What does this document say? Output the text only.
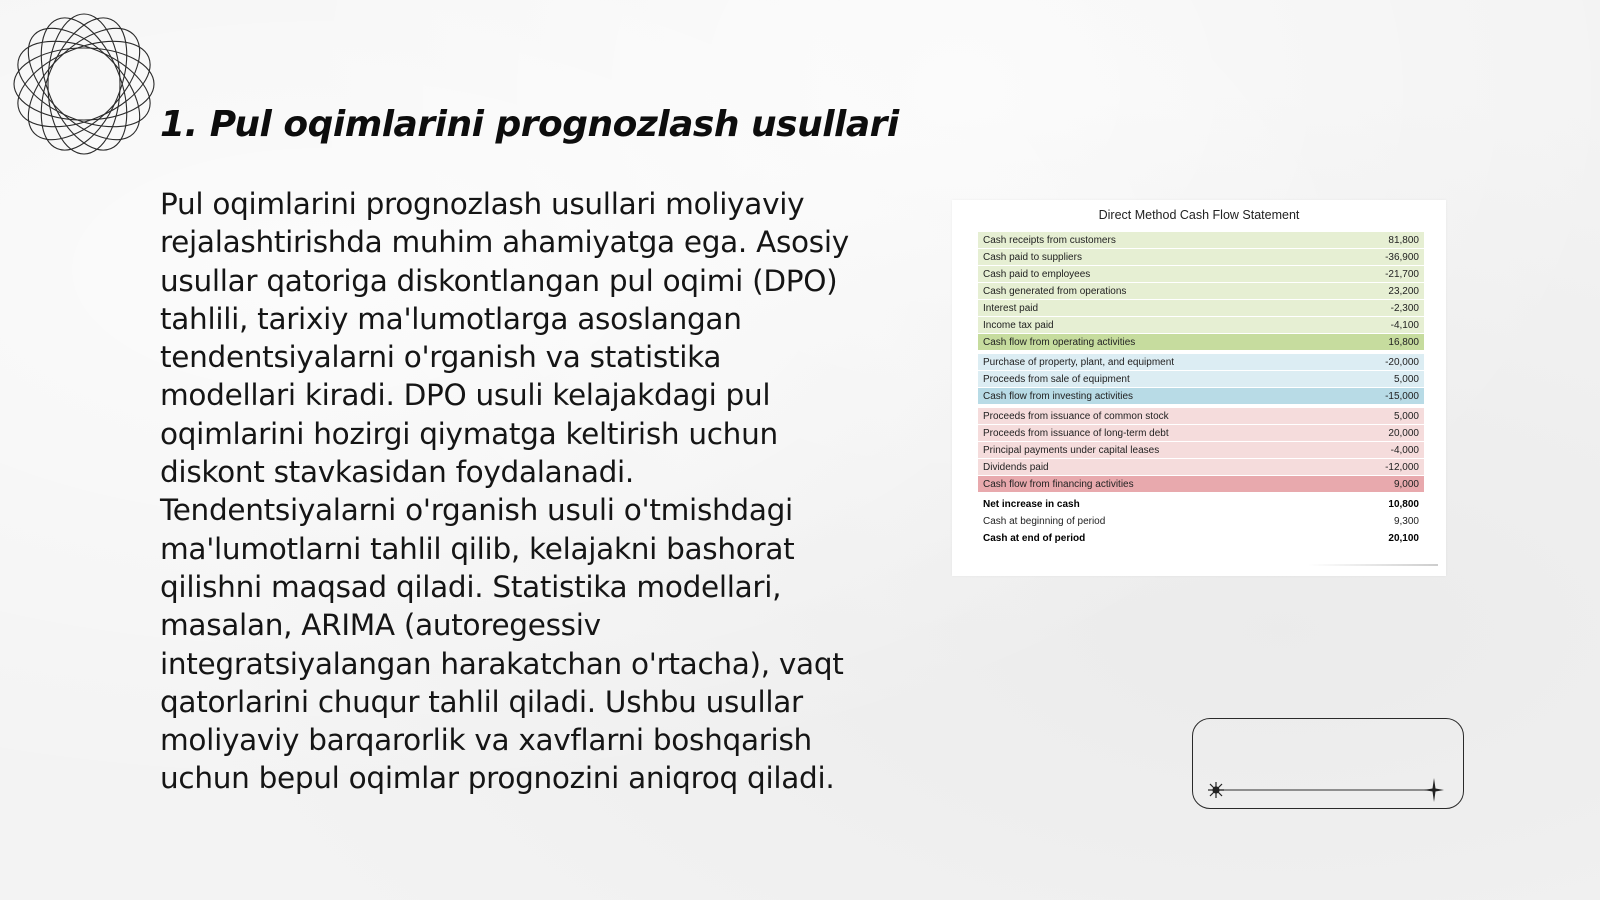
1. Pul oqimlarini prognozlash usullari

Pul oqimlarini prognozlash usullari moliyaviy rejalashtirishda muhim ahamiyatga ega. Asosiy usullar qatoriga diskontlangan pul oqimi (DPO) tahlili, tarixiy ma'lumotlarga asoslangan tendentsiyalarni o'rganish va statistika modellari kiradi. DPO usuli kelajakdagi pul oqimlarini hozirgi qiymatga keltirish uchun diskont stavkasidan foydalanadi. Tendentsiyalarni o'rganish usuli o'tmishdagi ma'lumotlarni tahlil qilib, kelajakni bashorat qilishni maqsad qiladi. Statistika modellari, masalan, ARIMA (autoregessiv integratsiyalangan harakatchan o'rtacha), vaqt qatorlarini chuqur tahlil qiladi. Ushbu usullar moliyaviy barqarorlik va xavflarni boshqarish uchun bepul oqimlar prognozini aniqroq qiladi.

Direct Method Cash Flow Statement
Cash receipts from customers	81,800
Cash paid to suppliers	-36,900
Cash paid to employees	-21,700
Cash generated from operations	23,200
Interest paid	-2,300
Income tax paid	-4,100
Cash flow from operating activities	16,800
Purchase of property, plant, and equipment	-20,000
Proceeds from sale of equipment	5,000
Cash flow from investing activities	-15,000
Proceeds from issuance of common stock	5,000
Proceeds from issuance of long-term debt	20,000
Principal payments under capital leases	-4,000
Dividends paid	-12,000
Cash flow from financing activities	9,000
Net increase in cash	10,800
Cash at beginning of period	9,300
Cash at end of period	20,100
